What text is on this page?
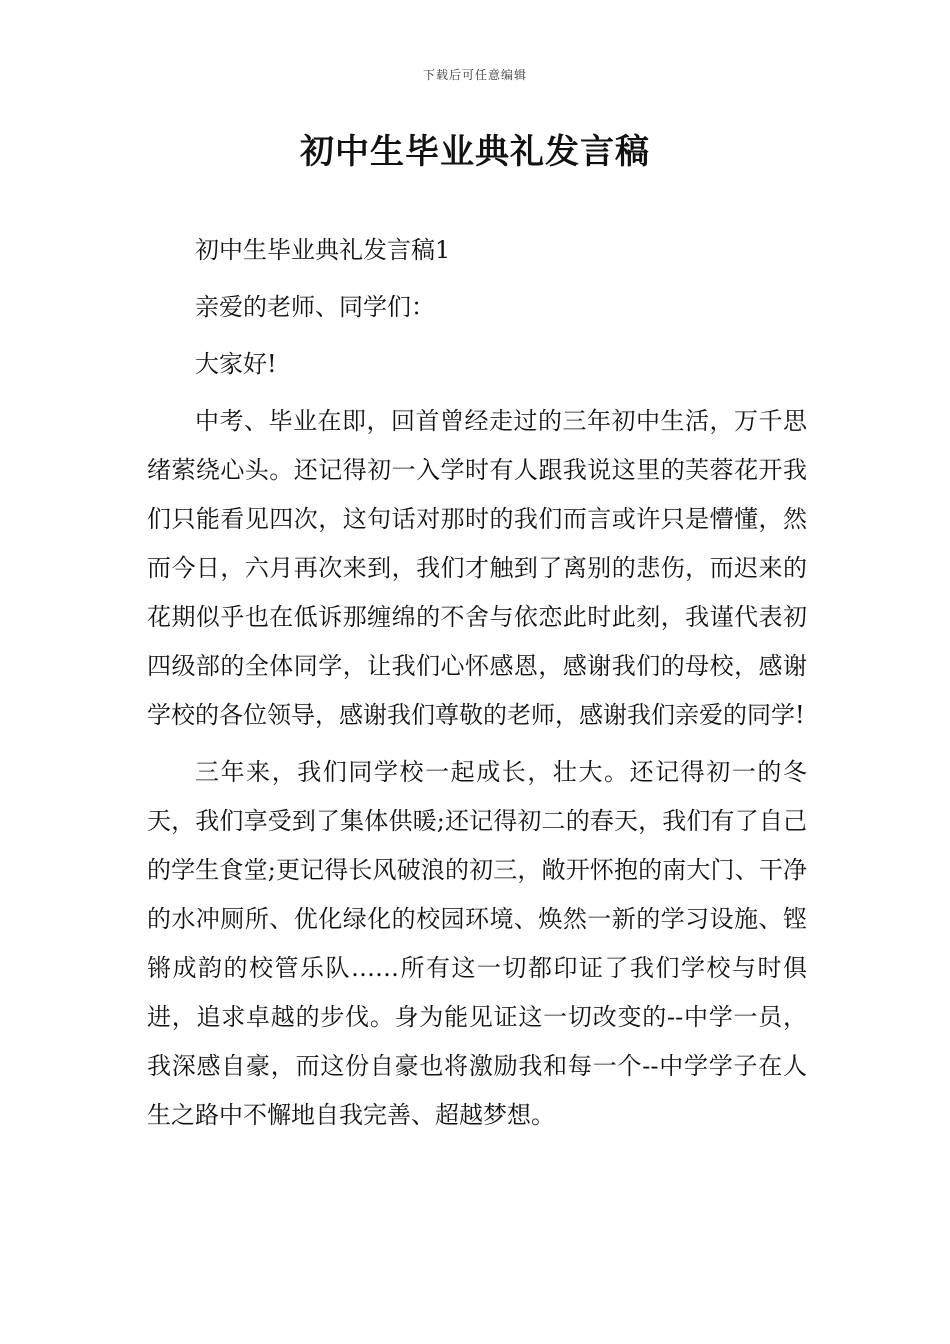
下载后可任意编辑
初中生毕业典礼发言稿

初中生毕业典礼发言稿1

亲爱的老师、同学们：

大家好!

中考、毕业在即，回首曾经走过的三年初中生活，万千思绪萦绕心头。还记得初一入学时有人跟我说这里的芙蓉花开我们只能看见四次，这句话对那时的我们而言或许只是懵懂，然而今日，六月再次来到，我们才触到了离别的悲伤，而迟来的花期似乎也在低诉那缠绵的不舍与依恋此时此刻，我谨代表初四级部的全体同学，让我们心怀感恩，感谢我们的母校，感谢学校的各位领导，感谢我们尊敬的老师，感谢我们亲爱的同学!

三年来，我们同学校一起成长，壮大。还记得初一的冬天，我们享受到了集体供暖;还记得初二的春天，我们有了自己的学生食堂;更记得长风破浪的初三，敞开怀抱的南大门、干净的水冲厕所、优化绿化的校园环境、焕然一新的学习设施、铿锵成韵的校管乐队……所有这一切都印证了我们学校与时俱进，追求卓越的步伐。身为能见证这一切改变的--中学一员，我深感自豪，而这份自豪也将激励我和每一个--中学学子在人生之路中不懈地自我完善、超越梦想。
